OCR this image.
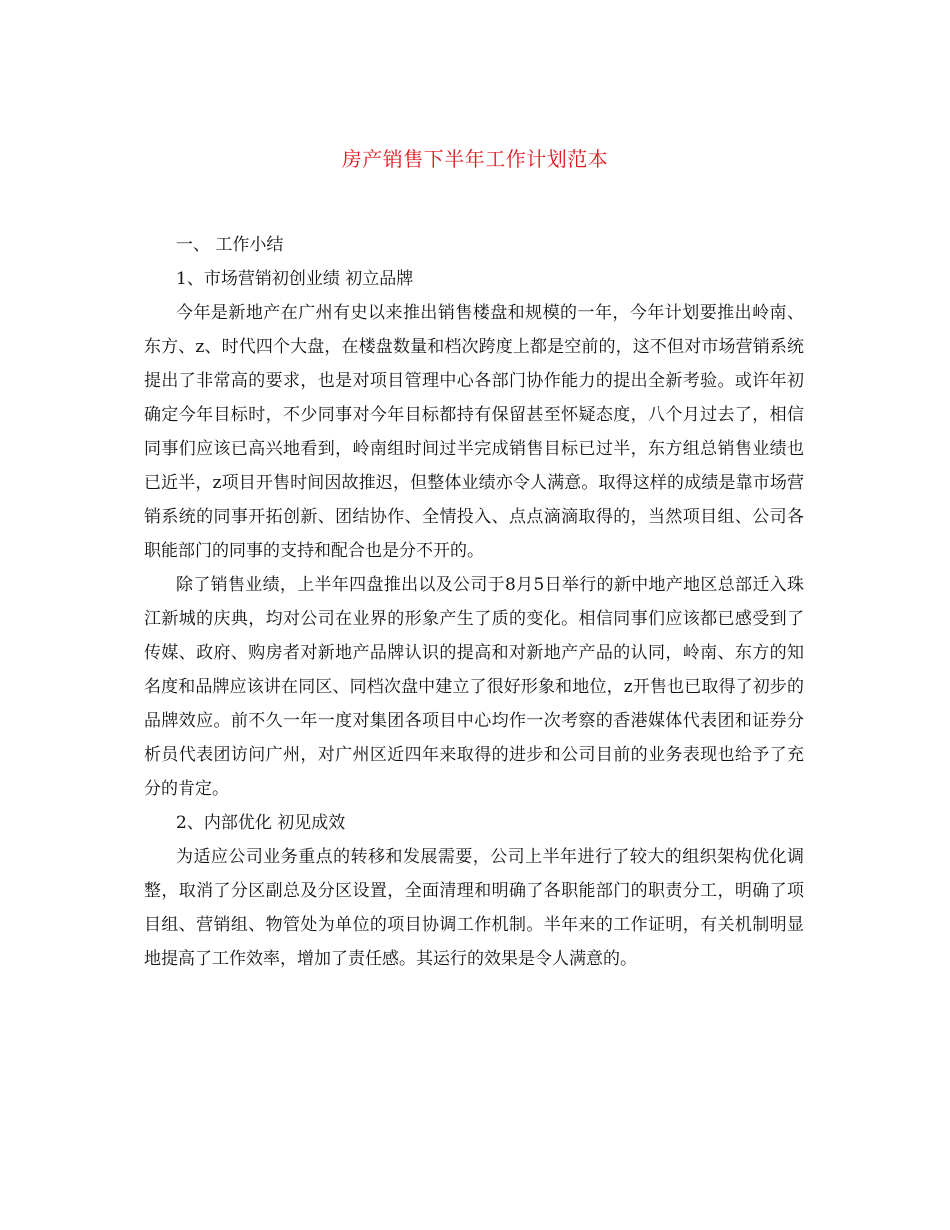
房产销售下半年工作计划范本

一、 工作小结

1、市场营销初创业绩 初立品牌

今年是新地产在广州有史以来推出销售楼盘和规模的一年，今年计划要推出岭南、东方、z、时代四个大盘，在楼盘数量和档次跨度上都是空前的，这不但对市场营销系统提出了非常高的要求，也是对项目管理中心各部门协作能力的提出全新考验。或许年初确定今年目标时，不少同事对今年目标都持有保留甚至怀疑态度，八个月过去了，相信同事们应该已高兴地看到，岭南组时间过半完成销售目标已过半，东方组总销售业绩也已近半，z项目开售时间因故推迟，但整体业绩亦令人满意。取得这样的成绩是靠市场营销系统的同事开拓创新、团结协作、全情投入、点点滴滴取得的，当然项目组、公司各职能部门的同事的支持和配合也是分不开的。

除了销售业绩，上半年四盘推出以及公司于8月5日举行的新中地产地区总部迁入珠江新城的庆典，均对公司在业界的形象产生了质的变化。相信同事们应该都已感受到了传媒、政府、购房者对新地产品牌认识的提高和对新地产产品的认同，岭南、东方的知名度和品牌应该讲在同区、同档次盘中建立了很好形象和地位，z开售也已取得了初步的品牌效应。前不久一年一度对集团各项目中心均作一次考察的香港媒体代表团和证券分析员代表团访问广州，对广州区近四年来取得的进步和公司目前的业务表现也给予了充分的肯定。

2、内部优化 初见成效

为适应公司业务重点的转移和发展需要，公司上半年进行了较大的组织架构优化调整，取消了分区副总及分区设置，全面清理和明确了各职能部门的职责分工，明确了项目组、营销组、物管处为单位的项目协调工作机制。半年来的工作证明，有关机制明显地提高了工作效率，增加了责任感。其运行的效果是令人满意的。
